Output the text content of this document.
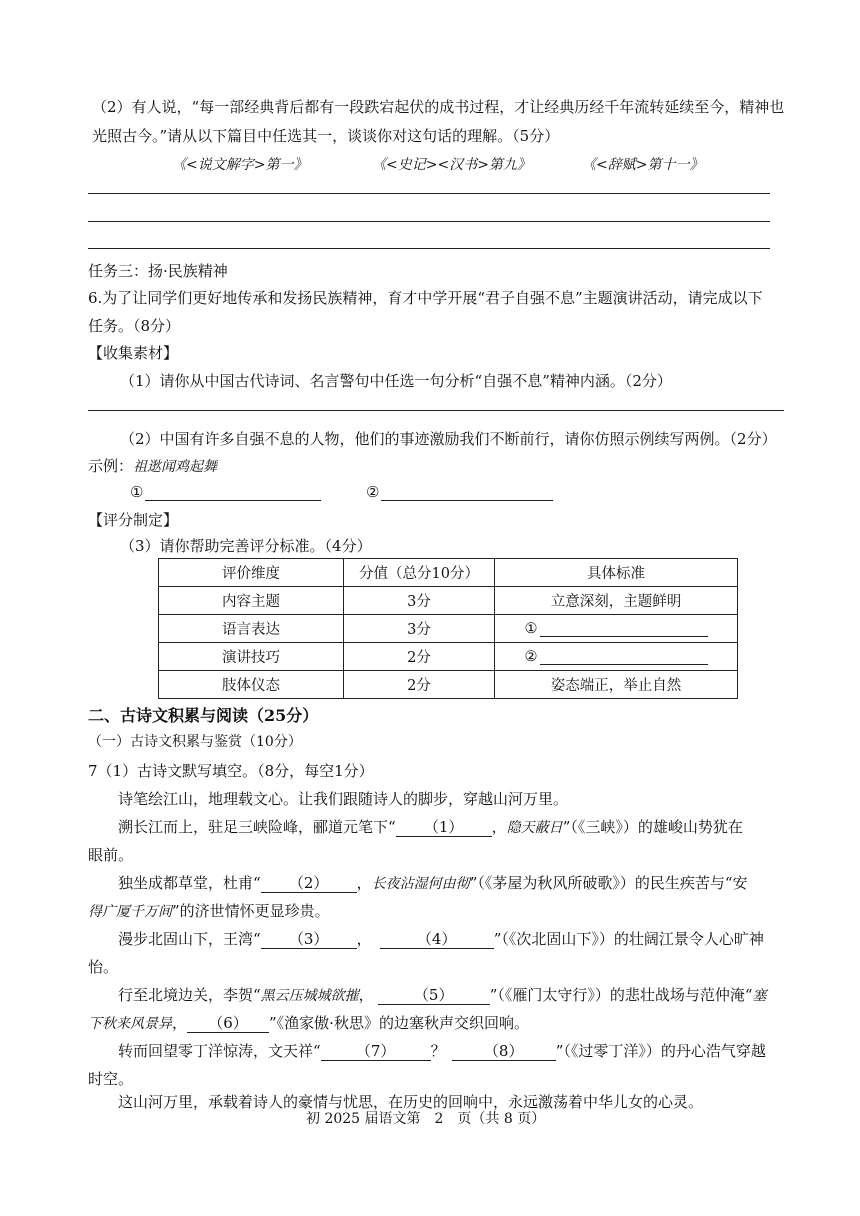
（2）有人说，“每一部经典背后都有一段跌宕起伏的成书过程，才让经典历经千年流转延续至今，精神也
光照古今。”请从以下篇目中任选其一，谈谈你对这句话的理解。（5分）
《<说文解字>第一》	《<史记><汉书>第九》	《<辞赋>第十一》
任务三：扬·民族精神
6.为了让同学们更好地传承和发扬民族精神，育才中学开展“君子自强不息”主题演讲活动，请完成以下
任务。（8分）
【收集素材】
（1）请你从中国古代诗词、名言警句中任选一句分析“自强不息”精神内涵。（2分）
（2）中国有许多自强不息的人物，他们的事迹激励我们不断前行，请你仿照示例续写两例。（2分）
示例：祖逖闻鸡起舞
①	②
【评分制定】
（3）请你帮助完善评分标准。（4分）
评价维度	分值（总分10分）	具体标准
内容主题	3分	立意深刻，主题鲜明
语言表达	3分	①
演讲技巧	2分	②
肢体仪态	2分	姿态端正，举止自然
二、古诗文积累与阅读（25分）
（一）古诗文积累与鉴赏（10分）
7（1）古诗文默写填空。（8分，每空1分）
诗笔绘江山，地理载文心。让我们跟随诗人的脚步，穿越山河万里。
溯长江而上，驻足三峡险峰，郦道元笔下“ （1） ，隐天蔽日”（《三峡》）的雄峻山势犹在
眼前。
独坐成都草堂，杜甫“ （2） ，长夜沾湿何由彻”（《茅屋为秋风所破歌》）的民生疾苦与“安
得广厦千万间”的济世情怀更显珍贵。
漫步北固山下，王湾“ （3） ，	（4） ”（《次北固山下》）的壮阔江景令人心旷神
怡。
行至北境边关，李贺“黑云压城城欲摧，	（5） ”（《雁门太守行》）的悲壮战场与范仲淹“塞
下秋来风景异， （6） ”《渔家傲·秋思》的边塞秋声交织回响。
转而回望零丁洋惊涛，文天祥“ （7） ？	（8） ”（《过零丁洋》）的丹心浩气穿越
时空。
这山河万里，承载着诗人的豪情与忧思，在历史的回响中，永远激荡着中华儿女的心灵。
初 2025 届语文第　2　页（共 8 页）
